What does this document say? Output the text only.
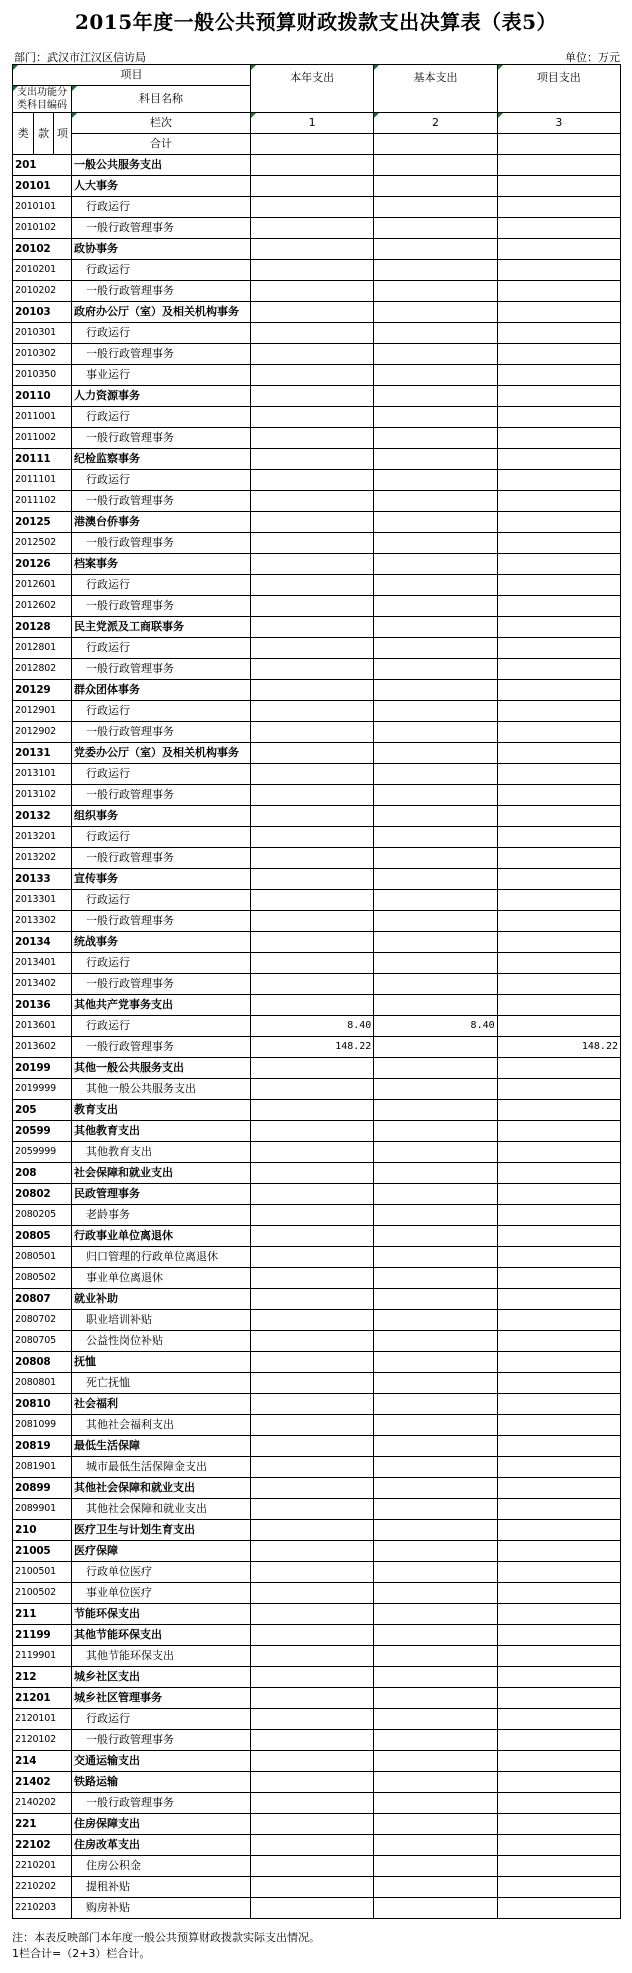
2015年度一般公共预算财政拨款支出决算表（表5）
部门：武汉市江汉区信访局	单位：万元
项目				本年支出	基本支出	项目支出
支出功能分类科目编码			科目名称			

类	款	项	栏次	1	2	3
			合计			
201			一般公共服务支出			
20101			人大事务			
2010101			行政运行			
2010102			一般行政管理事务			
20102			政协事务			
2010201			行政运行			
2010202			一般行政管理事务			
20103			政府办公厅（室）及相关机构事务			
2010301			行政运行			
2010302			一般行政管理事务			
2010350			事业运行			
20110			人力资源事务			
2011001			行政运行			
2011002			一般行政管理事务			
20111			纪检监察事务			
2011101			行政运行			
2011102			一般行政管理事务			
20125			港澳台侨事务			
2012502			一般行政管理事务			
20126			档案事务			
2012601			行政运行			
2012602			一般行政管理事务			
20128			民主党派及工商联事务			
2012801			行政运行			
2012802			一般行政管理事务			
20129			群众团体事务			
2012901			行政运行			
2012902			一般行政管理事务			
20131			党委办公厅（室）及相关机构事务			
2013101			行政运行			
2013102			一般行政管理事务			
20132			组织事务			
2013201			行政运行			
2013202			一般行政管理事务			
20133			宣传事务			
2013301			行政运行			
2013302			一般行政管理事务			
20134			统战事务			
2013401			行政运行			
2013402			一般行政管理事务			
20136			其他共产党事务支出			
2013601			行政运行	8.40	8.40	
2013602			一般行政管理事务	148.22		148.22
20199			其他一般公共服务支出			
2019999			其他一般公共服务支出			
205			教育支出			
20599			其他教育支出			
2059999			其他教育支出			
208			社会保障和就业支出			
20802			民政管理事务			
2080205			老龄事务			
20805			行政事业单位离退休			
2080501			归口管理的行政单位离退休			
2080502			事业单位离退休			
20807			就业补助			
2080702			职业培训补贴			
2080705			公益性岗位补贴			
20808			抚恤			
2080801			死亡抚恤			
20810			社会福利			
2081099			其他社会福利支出			
20819			最低生活保障			
2081901			城市最低生活保障金支出			
20899			其他社会保障和就业支出			
2089901			其他社会保障和就业支出			
210			医疗卫生与计划生育支出			
21005			医疗保障			
2100501			行政单位医疗			
2100502			事业单位医疗			
211			节能环保支出			
21199			其他节能环保支出			
2119901			其他节能环保支出			
212			城乡社区支出			
21201			城乡社区管理事务			
2120101			行政运行			
2120102			一般行政管理事务			
214			交通运输支出			
21402			铁路运输			
2140202			一般行政管理事务			
221			住房保障支出			
22102			住房改革支出			
2210201			住房公积金			
2210202			提租补贴			
2210203			购房补贴			
注：本表反映部门本年度一般公共预算财政拨款实际支出情况。
1栏合计=（2+3）栏合计。
